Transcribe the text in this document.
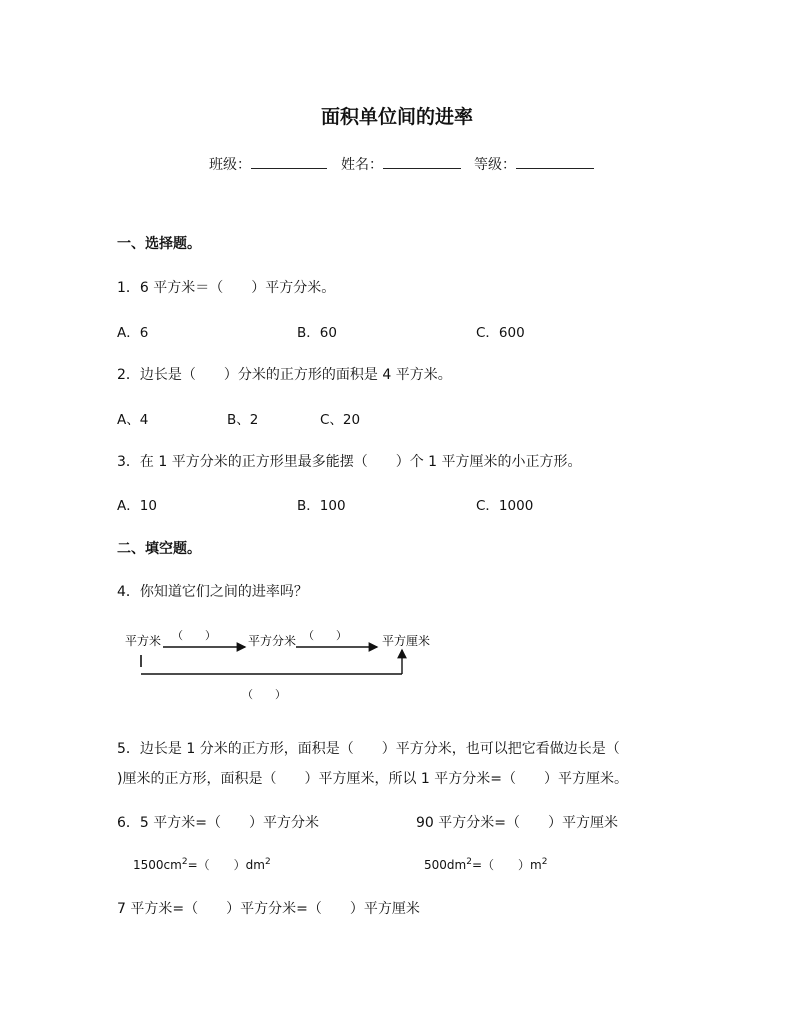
面积单位间的进率
班级：	姓名：	等级：
一、选择题。
1．6 平方米＝（　　）平方分米。
A．6	B．60	C．600
2．边长是（　　）分米的正方形的面积是 4 平方米。
A、4	B、2	C、20
3．在 1 平方分米的正方形里最多能摆（　　）个 1 平方厘米的小正方形。
A．10	B．100	C．1000
二、填空题。
4．你知道它们之间的进率吗？
平方米 （　　）	平方分米 （　　）	平方厘米
（　　）
5．边长是 1 分米的正方形，面积是（　　）平方分米，也可以把它看做边长是（
)厘米的正方形，面积是（　　）平方厘米，所以 1 平方分米=（　　）平方厘米。
6．5 平方米=（　　）平方分米	90 平方分米=（　　）平方厘米
$1500cm^2=$（　　）$dm^2$	$500dm^2=$（　　）$m^2$
7 平方米=（　　）平方分米=（　　）平方厘米
